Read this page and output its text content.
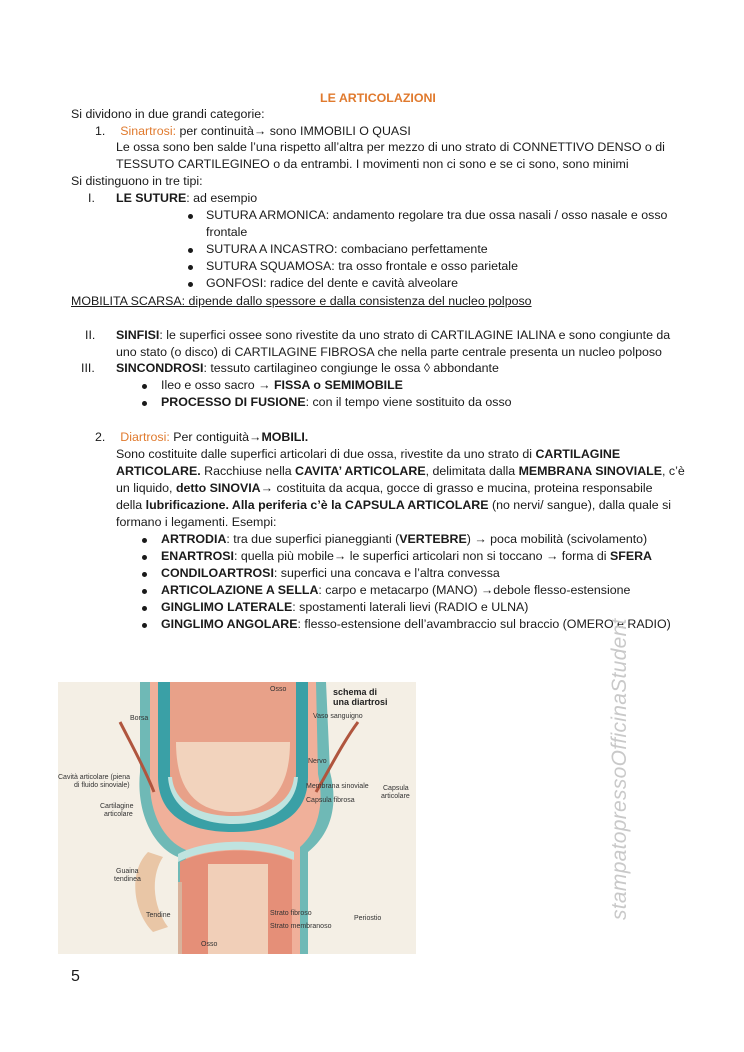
LE ARTICOLAZIONI
Si dividono in due grandi categorie:
1. Sinartrosi: per continuità→ sono IMMOBILI O QUASI
Le ossa sono ben salde l’una rispetto all’altra per mezzo di uno strato di CONNETTIVO DENSO o di
TESSUTO CARTILEGINEO o da entrambi. I movimenti non ci sono e se ci sono, sono minimi
Si distinguono in tre tipi:
I. LE SUTURE: ad esempio
SUTURA ARMONICA: andamento regolare tra due ossa nasali / osso nasale e osso
frontale
SUTURA A INCASTRO: combaciano perfettamente
SUTURA SQUAMOSA: tra osso frontale e osso parietale
GONFOSI: radice del dente e cavità alveolare
MOBILITA SCARSA: dipende dallo spessore e dalla consistenza del nucleo polposo
II. SINFISI: le superfici ossee sono rivestite da uno strato di CARTILAGINE IALINA e sono congiunte da
uno stato (o disco) di CARTILAGINE FIBROSA che nella parte centrale presenta un nucleo polposo
III. SINCONDROSI: tessuto cartilagineo congiunge le ossa ◊ abbondante
Ileo e osso sacro → FISSA o SEMIMOBILE
PROCESSO DI FUSIONE: con il tempo viene sostituito da osso
2. Diartrosi: Per contiguità→MOBILI.
Sono costituite dalle superfici articolari di due ossa, rivestite da uno strato di CARTILAGINE
ARTICOLARE. Racchiuse nella CAVITA’ ARTICOLARE, delimitata dalla MEMBRANA SINOVIALE, c’è
un liquido, detto SINOVIA→ costituita da acqua, gocce di grasso e mucina, proteina responsabile
della lubrificazione. Alla periferia c’è la CAPSULA ARTICOLARE (no nervi/ sangue), dalla quale si
formano i legamenti. Esempi:
ARTRODIA: tra due superfici pianeggianti (VERTEBRE) → poca mobilità (scivolamento)
ENARTROSI: quella più mobile→ le superfici articolari non si toccano → forma di SFERA
CONDILOARTROSI: superfici una concava e l’altra convessa
ARTICOLAZIONE A SELLA: carpo e metacarpo (MANO) →debole flesso-estensione
GINGLIMO LATERALE: spostamenti laterali lievi (RADIO e ULNA)
GINGLIMO ANGOLARE: flesso-estensione dell’avambraccio sul braccio (OMERO e RADIO)
schema di
una diartrosi
Osso
Borsa	Vaso sanguigno
Nervo
Cavità articolare (piena
di fluido sinoviale)	Membrana sinoviale
Capsula fibrosa
Capsula
articolare
Cartilagine
articolare
Guaina
tendinea
Tendine	Strato fibroso
Periostio
Strato membranoso
Osso
stampatopressoOfficinaStudent
5
